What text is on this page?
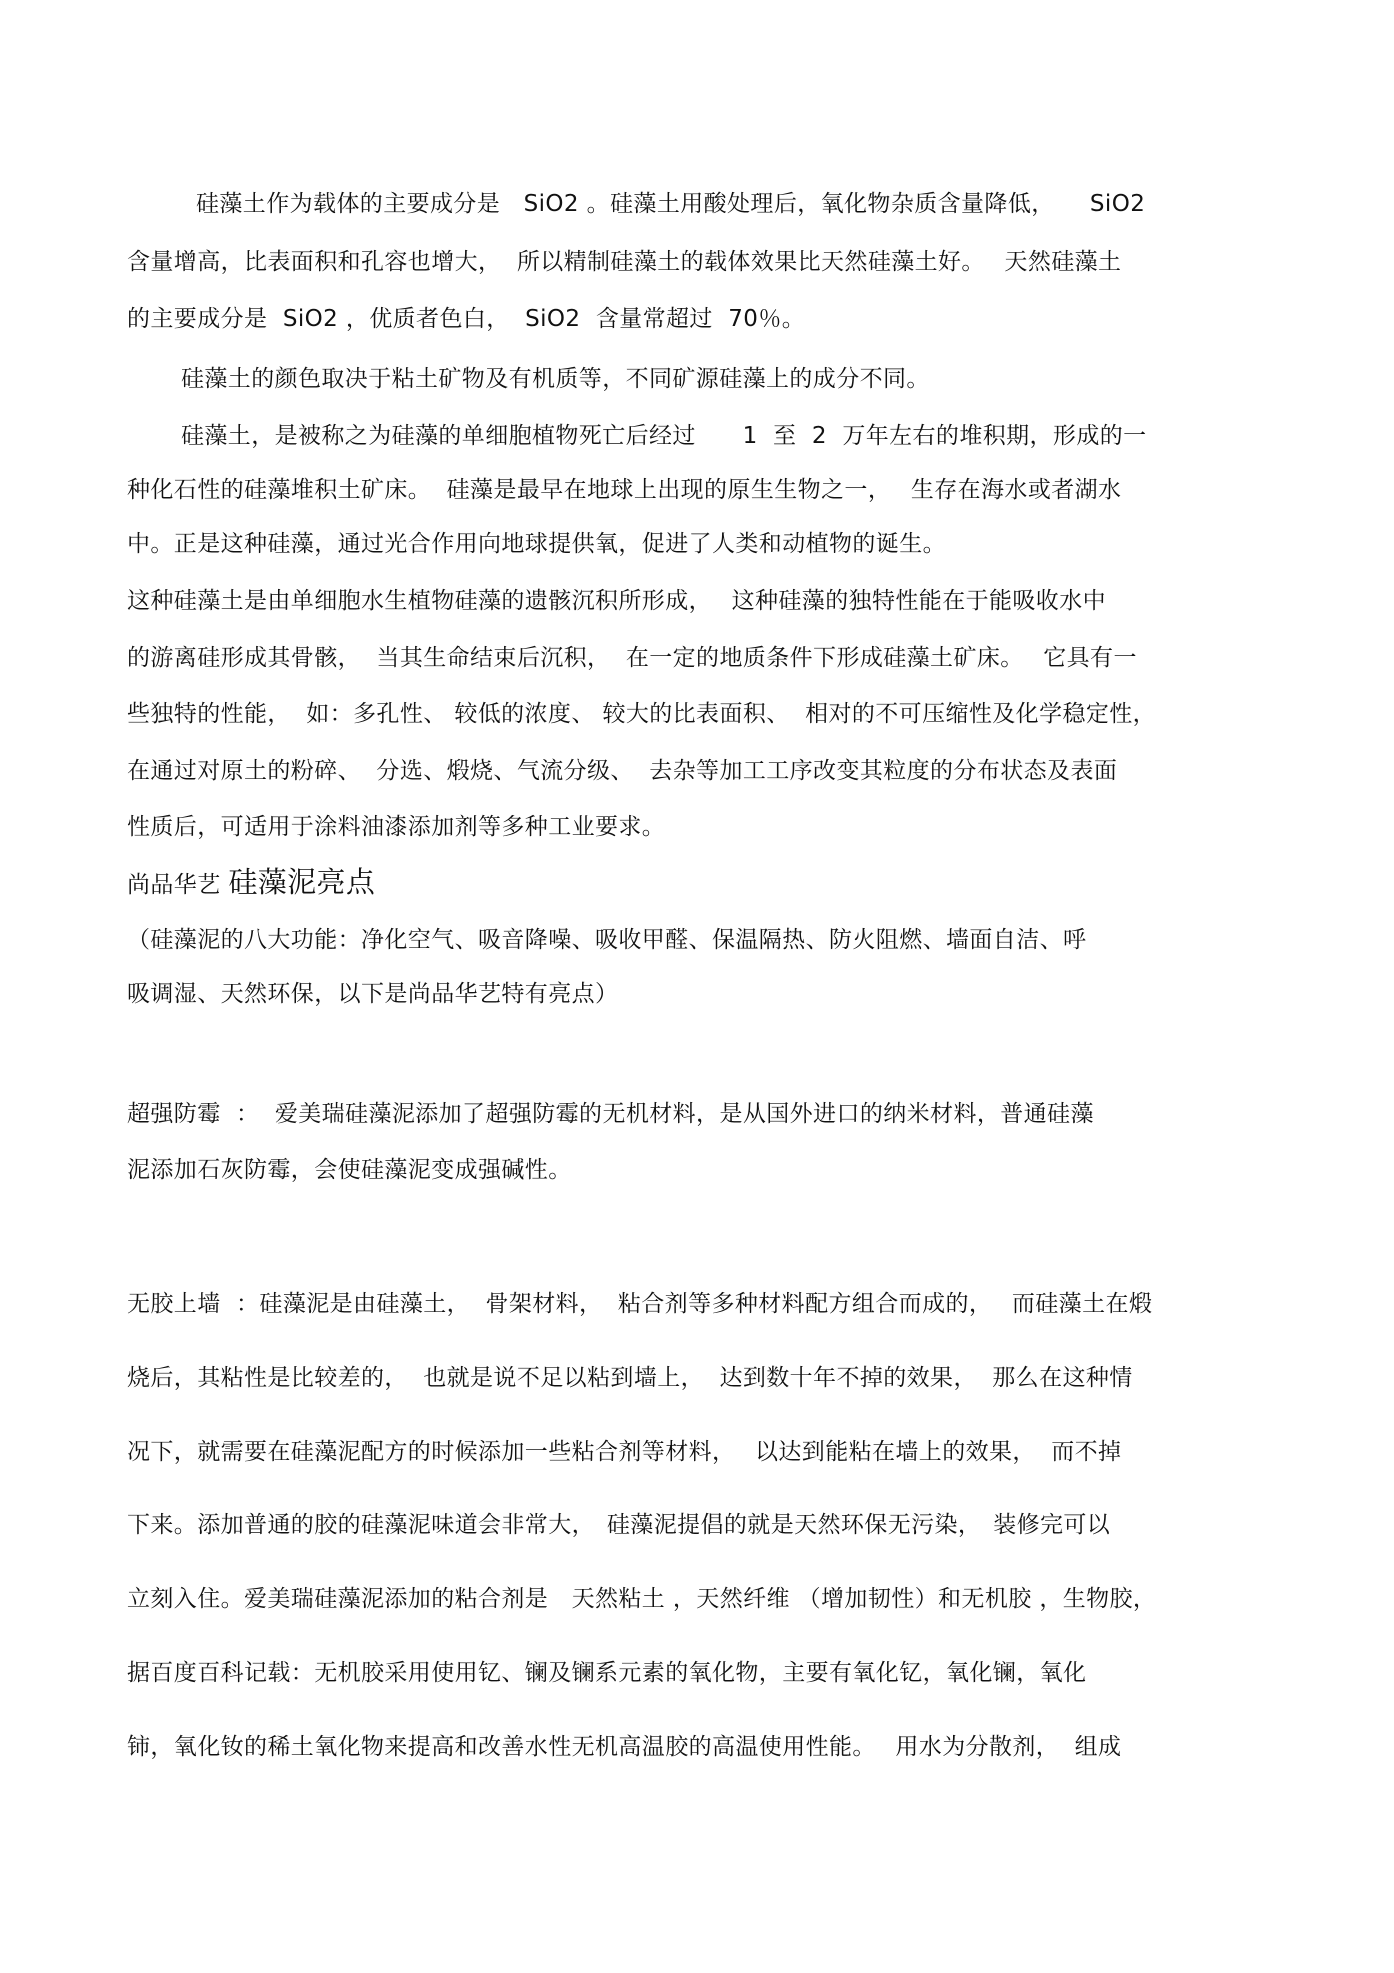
硅藻土作为载体的主要成分是　SiO2 。硅藻土用酸处理后，氧化物杂质含量降低，　　SiO2
含量增高，比表面积和孔容也增大，  所以精制硅藻土的载体效果比天然硅藻土好。　 天然硅藻土
的主要成分是  SiO2 ，优质者色白，  SiO2  含量常超过  70％。
硅藻土的颜色取决于粘土矿物及有机质等，不同矿源硅藻上的成分不同。
硅藻土，是被称之为硅藻的单细胞植物死亡后经过　　1  至  2  万年左右的堆积期，形成的一
种化石性的硅藻堆积土矿床。  硅藻是最早在地球上出现的原生生物之一，　 生存在海水或者湖水
中。正是这种硅藻，通过光合作用向地球提供氧，促进了人类和动植物的诞生。
这种硅藻土是由单细胞水生植物硅藻的遗骸沉积所形成，　 这种硅藻的独特性能在于能吸收水中
的游离硅形成其骨骸，  当其生命结束后沉积，  在一定的地质条件下形成硅藻土矿床。　 它具有一
些独特的性能，  如：多孔性、 较低的浓度、 较大的比表面积、  相对的不可压缩性及化学稳定性，
在通过对原土的粉碎、  分选、煅烧、气流分级、  去杂等加工工序改变其粒度的分布状态及表面
性质后，可适用于涂料油漆添加剂等多种工业要求。
尚品华艺 硅藻泥亮点
（硅藻泥的八大功能：净化空气、吸音降噪、吸收甲醛、保温隔热、防火阻燃、墙面自洁、呼
吸调湿、天然环保，以下是尚品华艺特有亮点）
超强防霉  ：  爱美瑞硅藻泥添加了超强防霉的无机材料，是从国外进口的纳米材料，普通硅藻
泥添加石灰防霉，会使硅藻泥变成强碱性。
无胶上墙  ：硅藻泥是由硅藻土，  骨架材料，  粘合剂等多种材料配方组合而成的，　 而硅藻土在煅
烧后，其粘性是比较差的，  也就是说不足以粘到墙上，  达到数十年不掉的效果，  那么在这种情
况下，就需要在硅藻泥配方的时候添加一些粘合剂等材料，　 以达到能粘在墙上的效果，  而不掉
下来。添加普通的胶的硅藻泥味道会非常大，　硅藻泥提倡的就是天然环保无污染，　装修完可以
立刻入住。爱美瑞硅藻泥添加的粘合剂是　天然粘土 ，天然纤维 （增加韧性）和无机胶 ，生物胶，
据百度百科记载：无机胶采用使用钇、镧及镧系元素的氧化物，主要有氧化钇，氧化镧，氧化
铈，氧化钕的稀土氧化物来提高和改善水性无机高温胶的高温使用性能。　 用水为分散剂，  组成
